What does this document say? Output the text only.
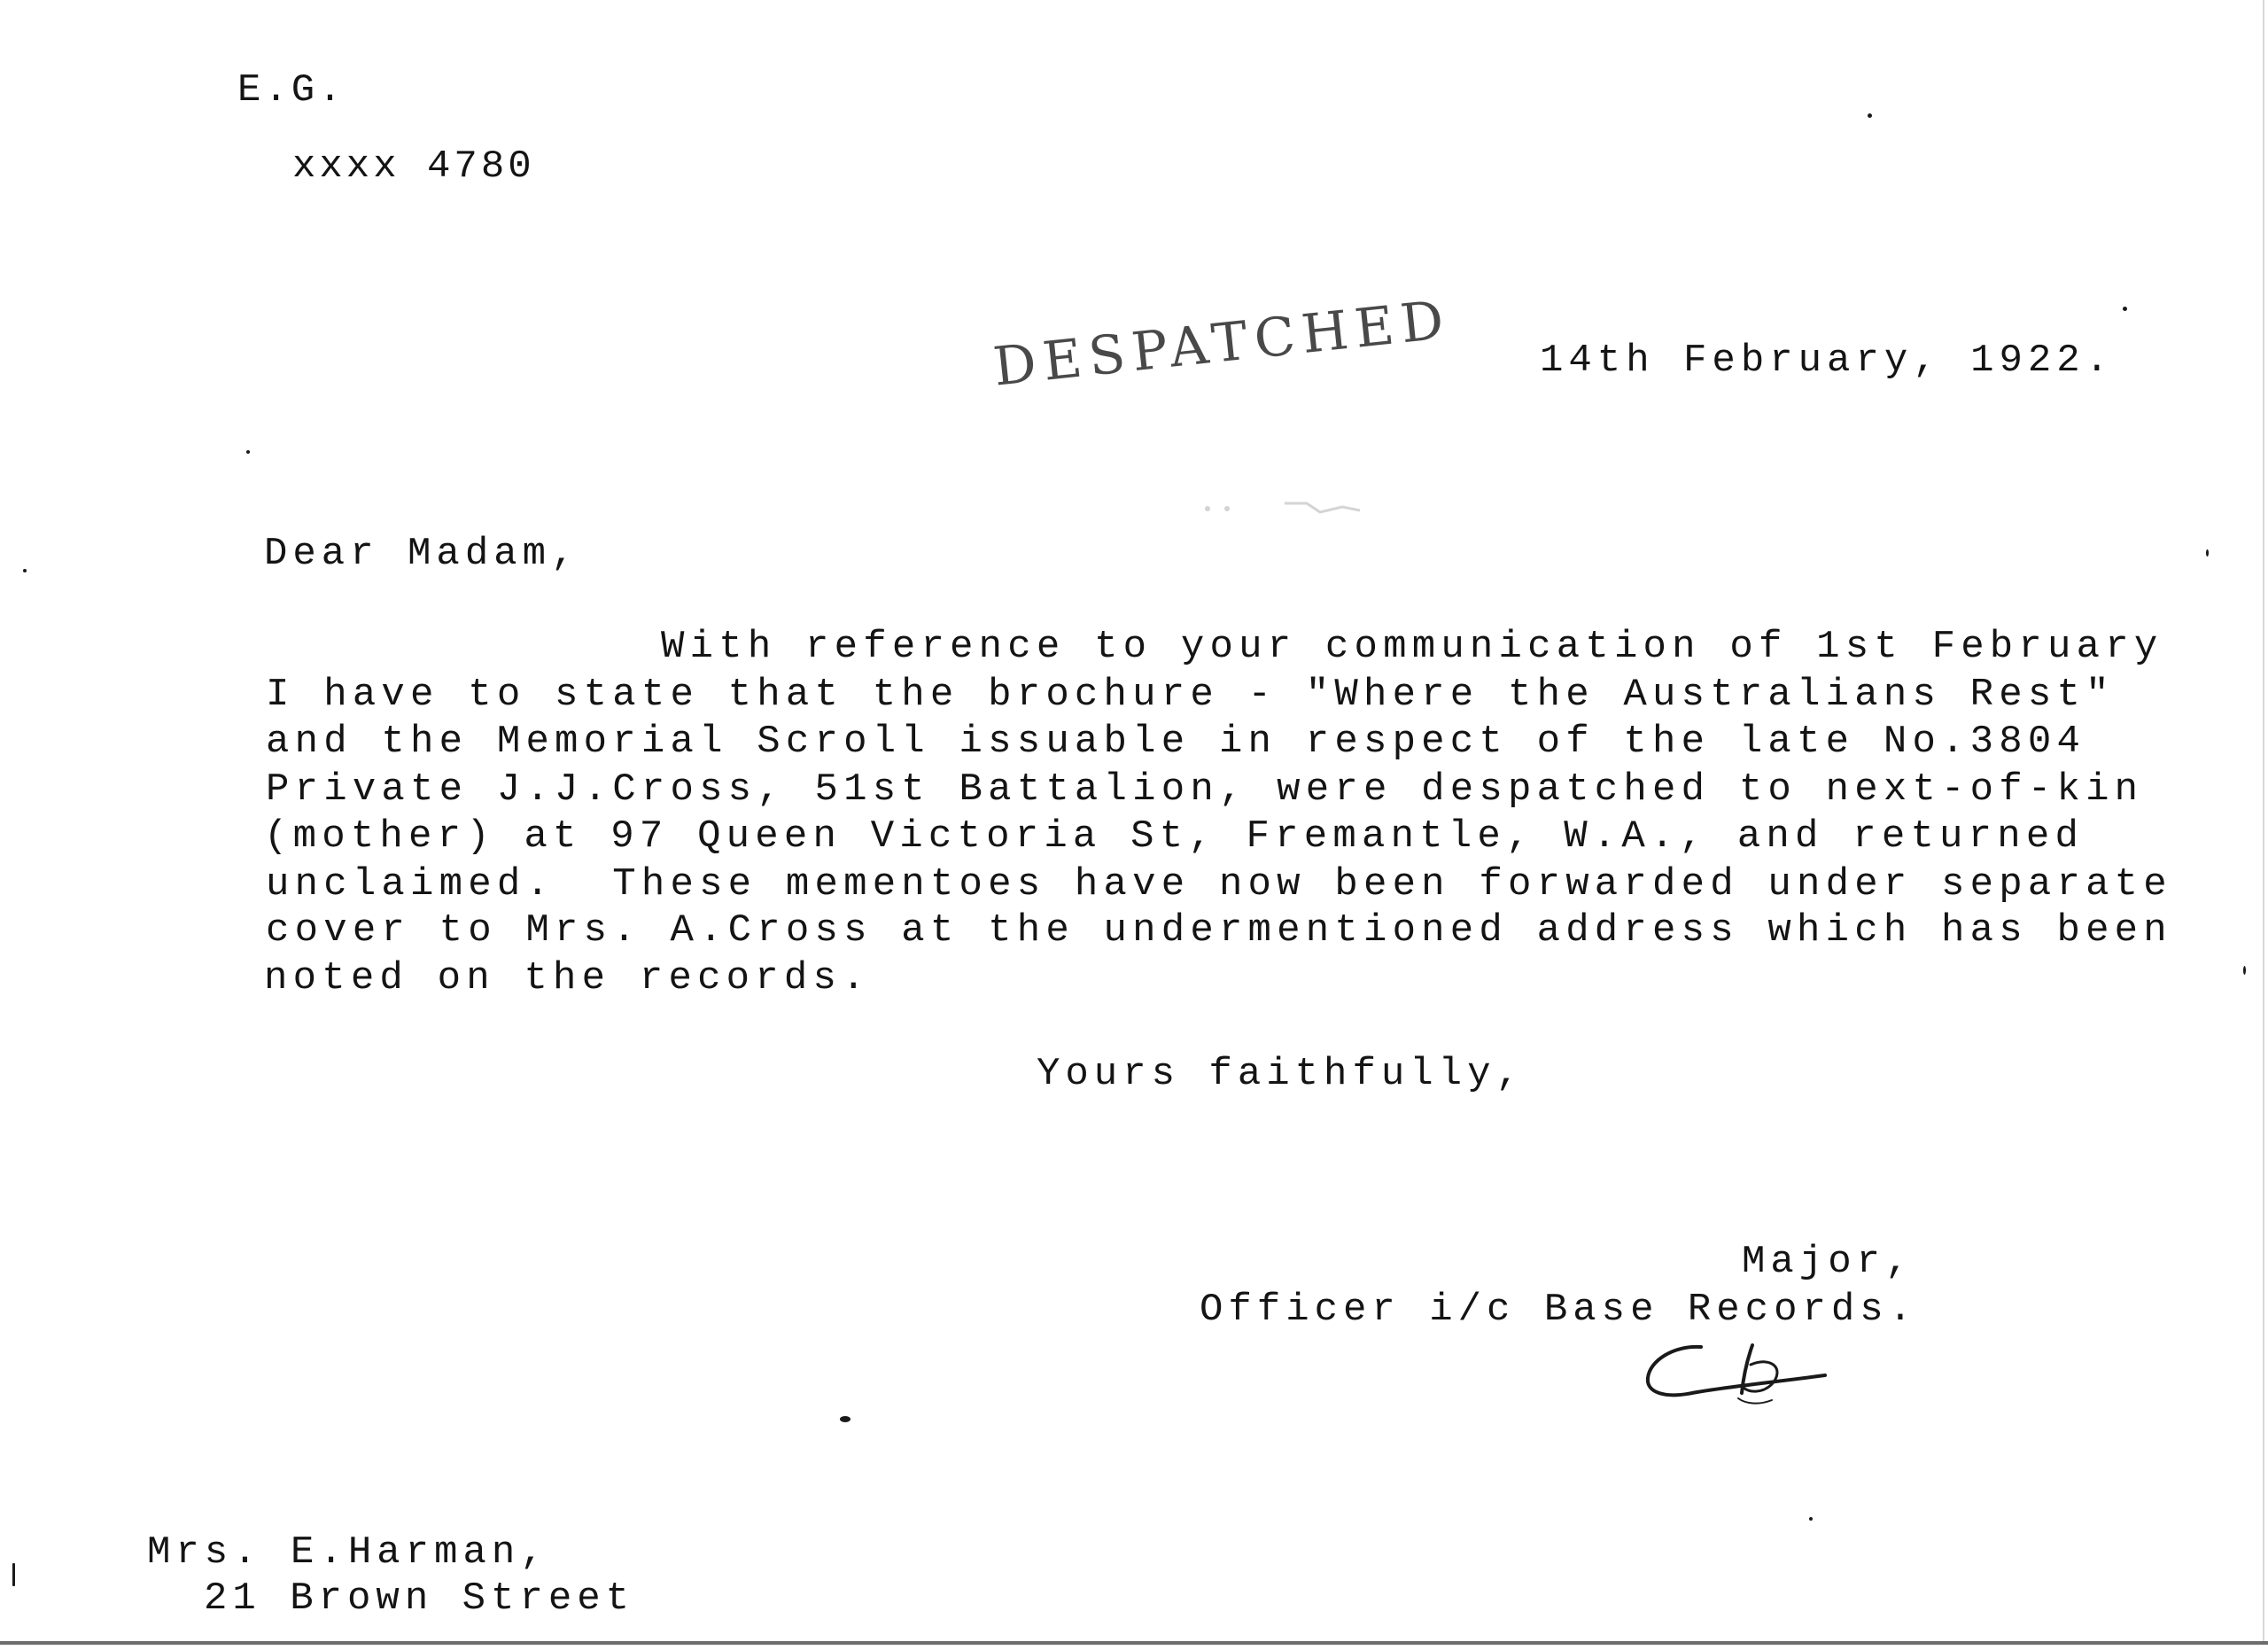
E.G.
xxxx 4780
DESPATCHED 14th February, 1922.
Dear Madam,
With reference to your communication of 1st February
I have to state that the brochure - "Where the Australians Rest"
and the Memorial Scroll issuable in respect of the late No.3804
Private J.J.Cross, 51st Battalion, were despatched to next-of-kin
(mother) at 97 Queen Victoria St, Fremantle, W.A., and returned
unclaimed.  These mementoes have now been forwarded under separate
cover to Mrs. A.Cross at the undermentioned address which has been
noted on the records.
Yours faithfully,
Major,
Officer i/c Base Records.
Mrs. E.Harman,
21 Brown Street
